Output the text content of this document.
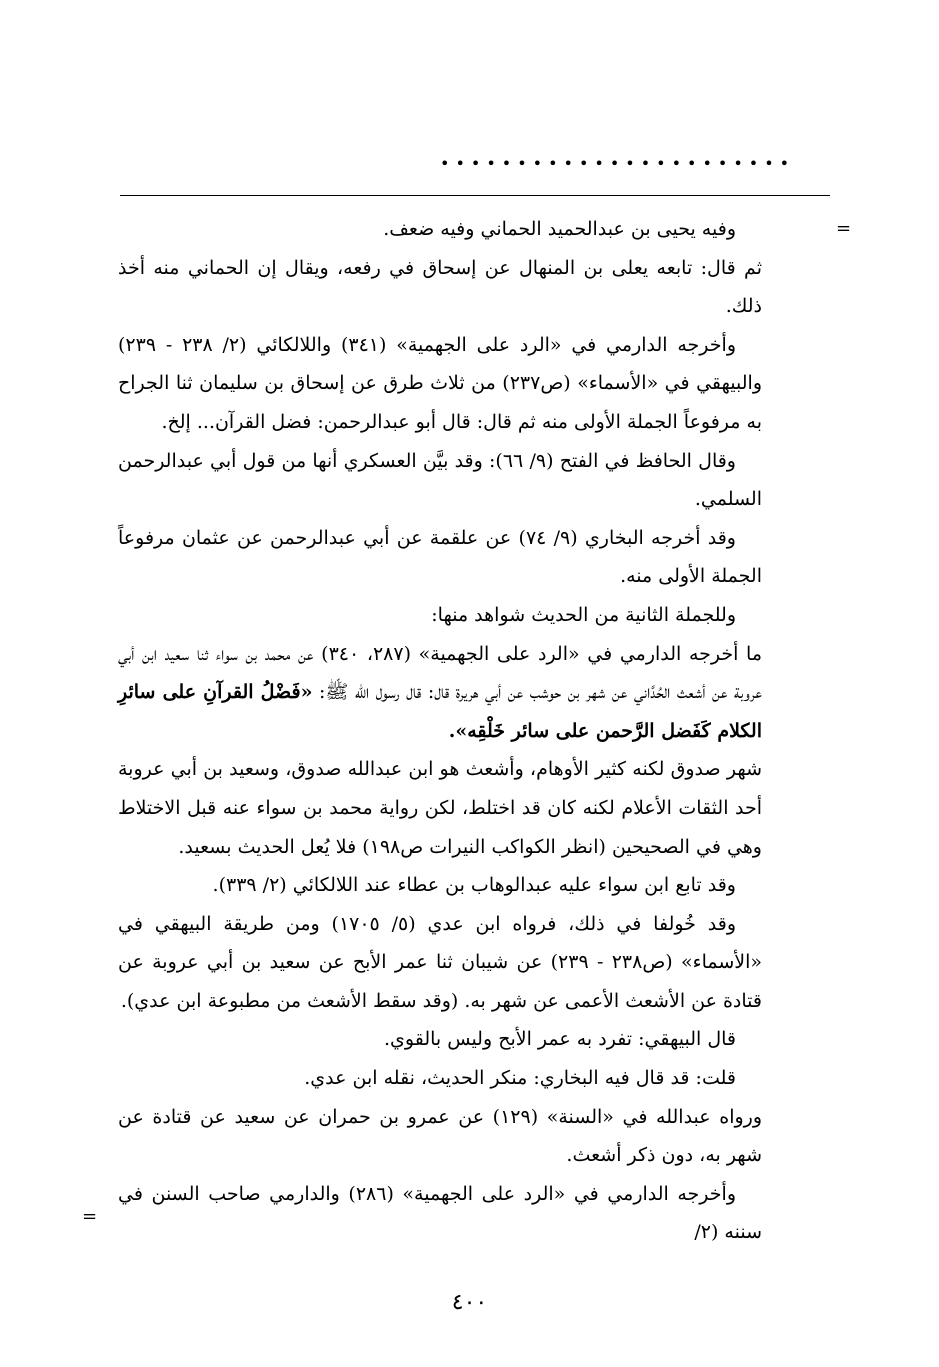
•••••••••••••••••••••••
=
=

وفيه يحيى بن عبدالحميد الحماني وفيه ضعف.

ثم قال: تابعه يعلى بن المنهال عن إسحاق في رفعه، ويقال إن الحماني منه أخذ ذلك.

وأخرجه الدارمي في «الرد على الجهمية» (٣٤١) واللالكائي (٢/ ٢٣٨ - ٢٣٩) والبيهقي في «الأسماء» (ص٢٣٧) من ثلاث طرق عن إسحاق بن سليمان ثنا الجراح به مرفوعاً الجملة الأولى منه ثم قال: قال أبو عبدالرحمن: فضل القرآن... إلخ.

وقال الحافظ في الفتح (٩/ ٦٦): وقد بيَّن العسكري أنها من قول أبي عبدالرحمن السلمي.

وقد أخرجه البخاري (٩/ ٧٤) عن علقمة عن أبي عبدالرحمن عن عثمان مرفوعاً الجملة الأولى منه.

وللجملة الثانية من الحديث شواهد منها:

ما أخرجه الدارمي في «الرد على الجهمية» (٢٨٧، ٣٤٠) عن محمد بن سواء ثنا سعيد ابن أبي عروبة عن أشعث الحُدَّاني عن شهر بن حوشب عن أبي هريرة قال: قال رسول الله ﷺ: «فَضْلُ القرآنِ على سائرِ الكلام كَفَضل الرَّحمن على سائر خَلْقِه».

شهر صدوق لكنه كثير الأوهام، وأشعث هو ابن عبدالله صدوق، وسعيد بن أبي عروبة أحد الثقات الأعلام لكنه كان قد اختلط، لكن رواية محمد بن سواء عنه قبل الاختلاط وهي في الصحيحين (انظر الكواكب النيرات ص١٩٨) فلا يُعل الحديث بسعيد.

وقد تابع ابن سواء عليه عبدالوهاب بن عطاء عند اللالكائي (٢/ ٣٣٩).

وقد خُولفا في ذلك، فرواه ابن عدي (٥/ ١٧٠٥) ومن طريقة البيهقي في «الأسماء» (ص٢٣٨ - ٢٣٩) عن شيبان ثنا عمر الأبح عن سعيد بن أبي عروبة عن قتادة عن الأشعث الأعمى عن شهر به. (وقد سقط الأشعث من مطبوعة ابن عدي).

قال البيهقي: تفرد به عمر الأبح وليس بالقوي.

قلت: قد قال فيه البخاري: منكر الحديث، نقله ابن عدي.

ورواه عبدالله في «السنة» (١٢٩) عن عمرو بن حمران عن سعيد عن قتادة عن شهر به، دون ذكر أشعث.

وأخرجه الدارمي في «الرد على الجهمية» (٢٨٦) والدارمي صاحب السنن في سننه (٢/

٤٠٠
